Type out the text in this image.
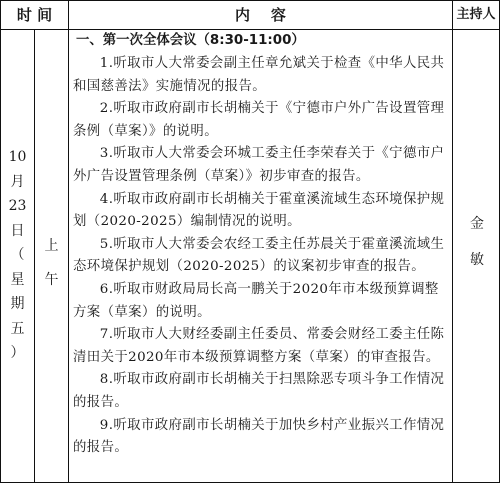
时 间	内    容	主持人
10
月
23
日
（
星
期
五
）
上
午
金
敏
一、第一次全体会议（8:30-11:00）

1.听取市人大常委会副主任章允斌关于检查《中华人民共和国慈善法》实施情况的报告。

2.听取市政府副市长胡楠关于《宁德市户外广告设置管理条例（草案）》的说明。

3.听取市人大常委会环城工委主任李荣春关于《宁德市户外广告设置管理条例（草案）》初步审查的报告。

4.听取市政府副市长胡楠关于霍童溪流域生态环境保护规划（2020-2025）编制情况的说明。

5.听取市人大常委会农经工委主任苏晨关于霍童溪流域生态环境保护规划（2020-2025）的议案初步审查的报告。

6.听取市财政局局长高一鹏关于2020年市本级预算调整方案（草案）的说明。

7.听取市人大财经委副主任委员、常委会财经工委主任陈清田关于2020年市本级预算调整方案（草案）的审查报告。

8.听取市政府副市长胡楠关于扫黑除恶专项斗争工作情况的报告。

9.听取市政府副市长胡楠关于加快乡村产业振兴工作情况的报告。
